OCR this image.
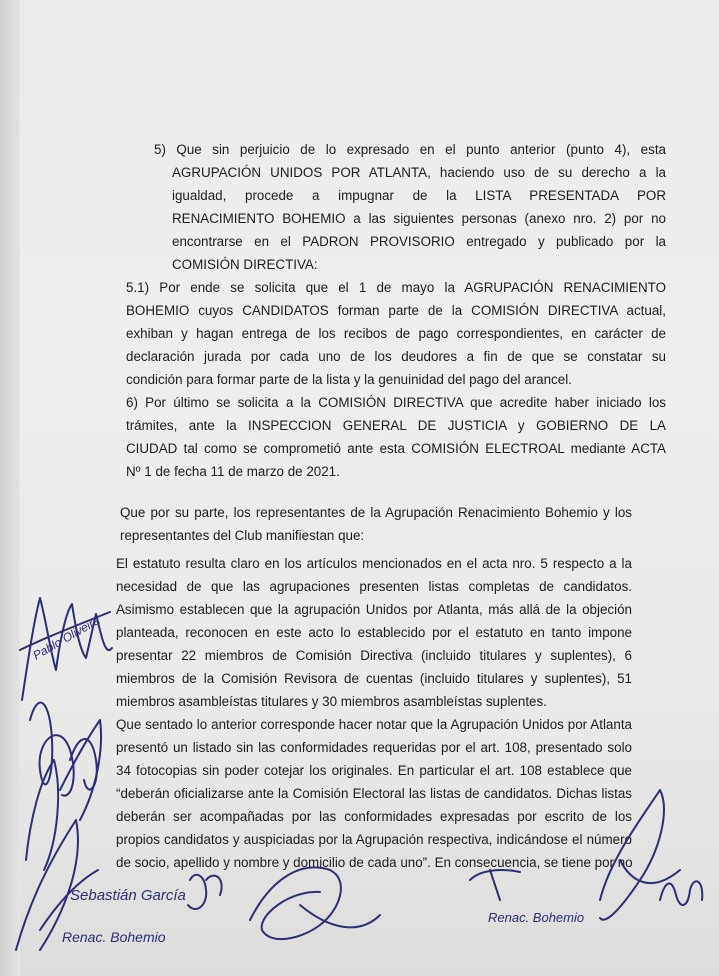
5) Que sin perjuicio de lo expresado en el punto anterior (punto 4), esta

AGRUPACIÓN UNIDOS POR ATLANTA, haciendo uso de su derecho a la

igualdad, procede a impugnar de la LISTA PRESENTADA POR

RENACIMIENTO BOHEMIO a las siguientes personas (anexo nro. 2) por no

encontrarse en el PADRON PROVISORIO entregado y publicado por la

COMISIÓN DIRECTIVA:

5.1) Por ende se solicita que el 1 de mayo la AGRUPACIÓN RENACIMIENTO

BOHEMIO cuyos CANDIDATOS forman parte de la COMISIÓN DIRECTIVA actual,

exhiban y hagan entrega de los recibos de pago correspondientes, en carácter de

declaración jurada por cada uno de los deudores a fin de que se constatar su

condición para formar parte de la lista y la genuinidad del pago del arancel.

6) Por último se solicita a la COMISIÓN DIRECTIVA que acredite haber iniciado los

trámites, ante la INSPECCION GENERAL DE JUSTICIA y GOBIERNO DE LA

CIUDAD tal como se comprometió ante esta COMISIÓN ELECTROAL mediante ACTA

Nº 1 de fecha 11 de marzo de 2021.

Que por su parte, los representantes de la Agrupación Renacimiento Bohemio y los

representantes del Club manifiestan que:

El estatuto resulta claro en los artículos mencionados en el acta nro. 5 respecto a la

necesidad de que las agrupaciones presenten listas completas de candidatos.

Asimismo establecen que la agrupación Unidos por Atlanta, más allá de la objeción

planteada, reconocen en este acto lo establecido por el estatuto en tanto impone

presentar 22 miembros de Comisión Directiva (incluido titulares y suplentes), 6

miembros de la Comisión Revisora de cuentas (incluido titulares y suplentes), 51

miembros asambleístas titulares y 30 miembros asambleístas suplentes.

Que sentado lo anterior corresponde hacer notar que la Agrupación Unidos por Atlanta

presentó un listado sin las conformidades requeridas por el art. 108, presentado solo

34 fotocopias sin poder cotejar los originales. En particular el art. 108 establece que

“deberán oficializarse ante la Comisión Electoral las listas de candidatos. Dichas listas

deberán ser acompañadas por las conformidades expresadas por escrito de los

propios candidatos y auspiciadas por la Agrupación respectiva, indicándose el número

de socio, apellido y nombre y domicilio de cada uno”. En consecuencia, se tiene por no

Pablo Oliveira
Sebastián García
Renac. Bohemio
Renac. Bohemio
